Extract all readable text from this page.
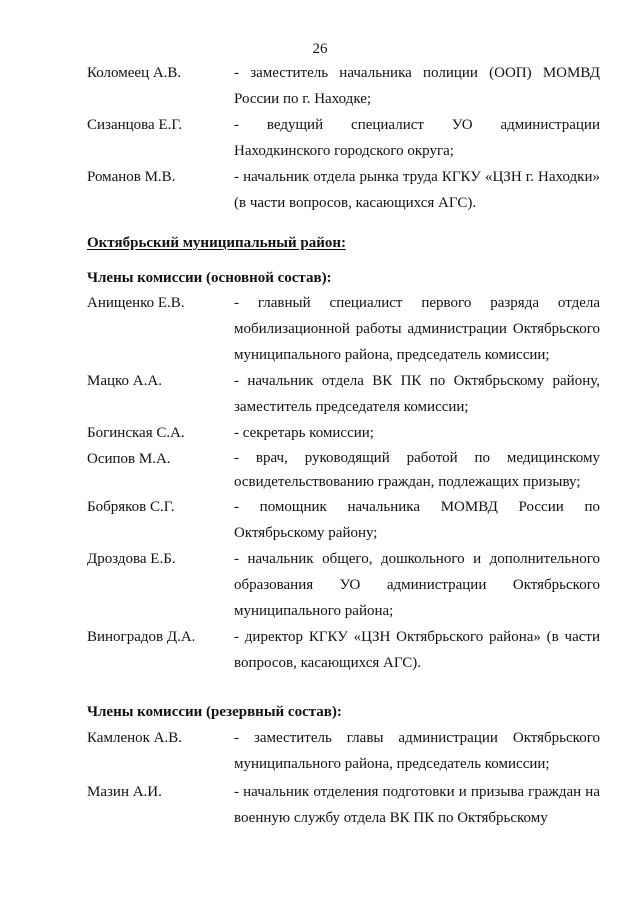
26
Коломеец А.В.	- заместитель начальника полиции (ООП) МОМВД России по г. Находке;
Сизанцова Е.Г.	- ведущий специалист УО администрации Находкинского городского округа;
Романов М.В.	- начальник отдела рынка труда КГКУ «ЦЗН г. Находки» (в части вопросов, касающихся АГС).
Октябрьский муниципальный район:
Члены комиссии (основной состав):
Анищенко Е.В.	- главный специалист первого разряда отдела мобилизационной работы администрации Октябрьского муниципального района, председатель комиссии;
Мацко А.А.	- начальник отдела ВК ПК по Октябрьскому району, заместитель председателя комиссии;
Богинская С.А.	- секретарь комиссии;
Осипов М.А.	- врач, руководящий работой по медицинскому освидетельствованию граждан, подлежащих призыву;
Бобряков С.Г.	- помощник начальника МОМВД России по Октябрьскому району;
Дроздова Е.Б.	- начальник общего, дошкольного и дополнительного образования УО администрации Октябрьского муниципального района;
Виноградов Д.А.	- директор КГКУ «ЦЗН Октябрьского района» (в части вопросов, касающихся АГС).
Члены комиссии (резервный состав):
Камленок А.В.	- заместитель главы администрации Октябрьского муниципального района, председатель комиссии;
Мазин А.И.	- начальник отделения подготовки и призыва граждан на военную службу отдела ВК ПК по Октябрьскому
